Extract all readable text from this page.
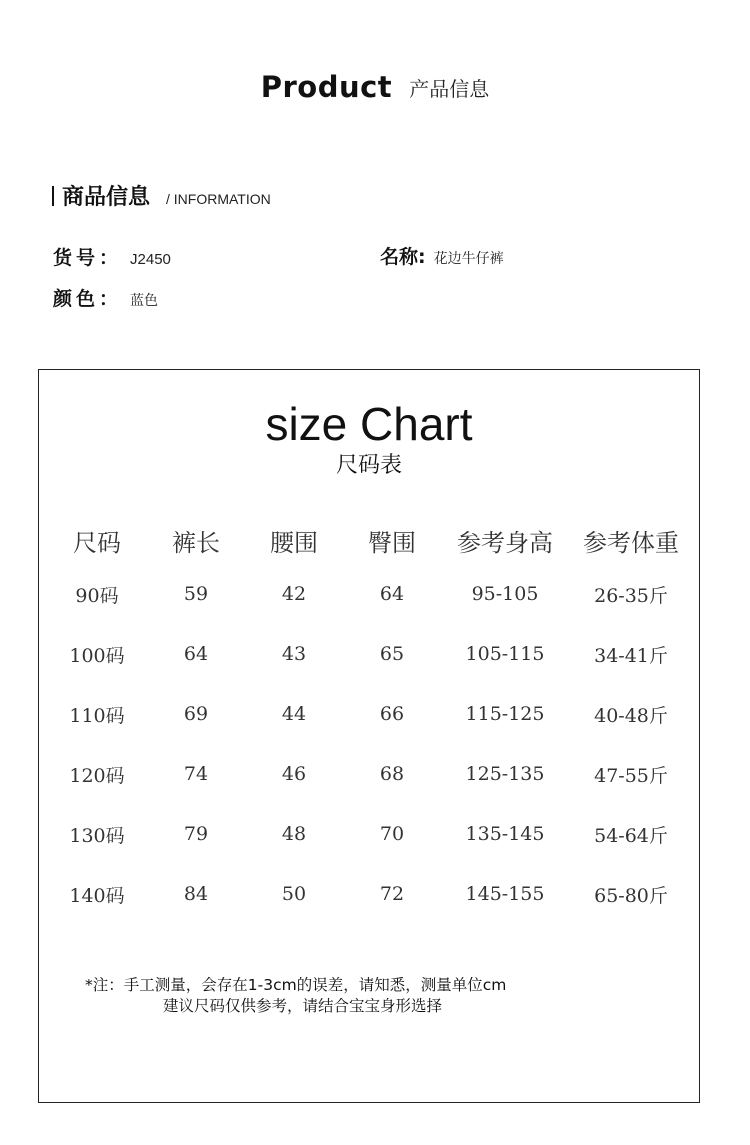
Product 产品信息
商品信息 / INFORMATION
货号： J2450	名称: 花边牛仔裤
颜色： 蓝色
size Chart
尺码表
尺码	裤长	腰围	臀围	参考身高	参考体重
90码	59	42	64	95-105	26-35斤
100码	64	43	65	105-115	34-41斤
110码	69	44	66	115-125	40-48斤
120码	74	46	68	125-135	47-55斤
130码	79	48	70	135-145	54-64斤
140码	84	50	72	145-155	65-80斤
*注：手工测量，会存在1-3cm的误差，请知悉，测量单位cm
建议尺码仅供参考，请结合宝宝身形选择
